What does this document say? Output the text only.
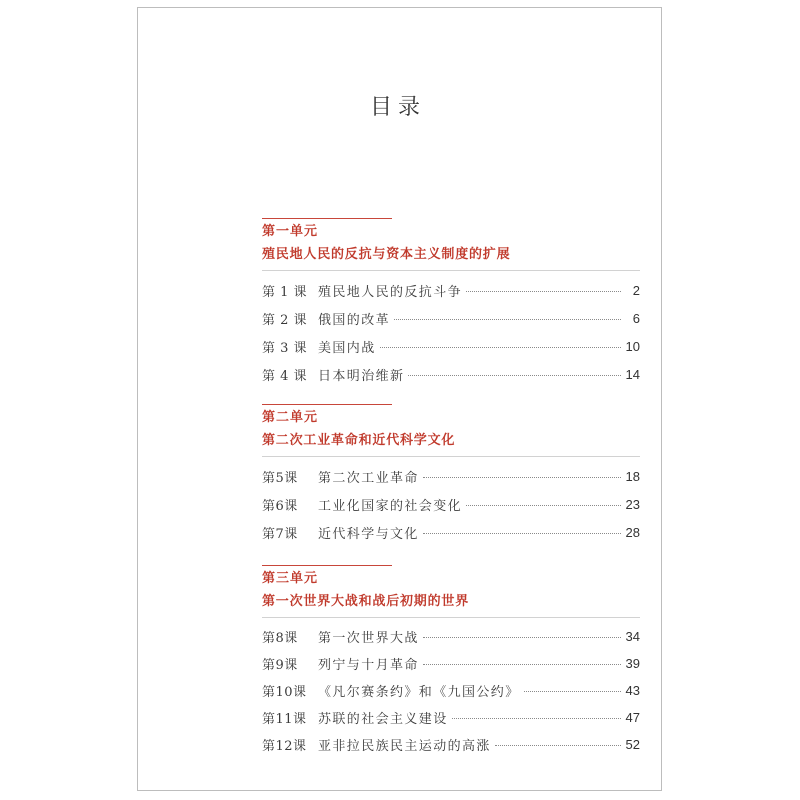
目录
第一单元
殖民地人民的反抗与资本主义制度的扩展
第 1 课 殖民地人民的反抗斗争	2
第 2 课 俄国的改革	6
第 3 课 美国内战	10
第 4 课 日本明治维新	14
第二单元
第二次工业革命和近代科学文化
第5课	第二次工业革命	18
第6课	工业化国家的社会变化	23
第7课	近代科学与文化	28
第三单元
第一次世界大战和战后初期的世界
第8课	第一次世界大战	34
第9课	列宁与十月革命	39
第10课 《凡尔赛条约》和《九国公约》	43
第11课 苏联的社会主义建设	47
第12课 亚非拉民族民主运动的高涨	52
